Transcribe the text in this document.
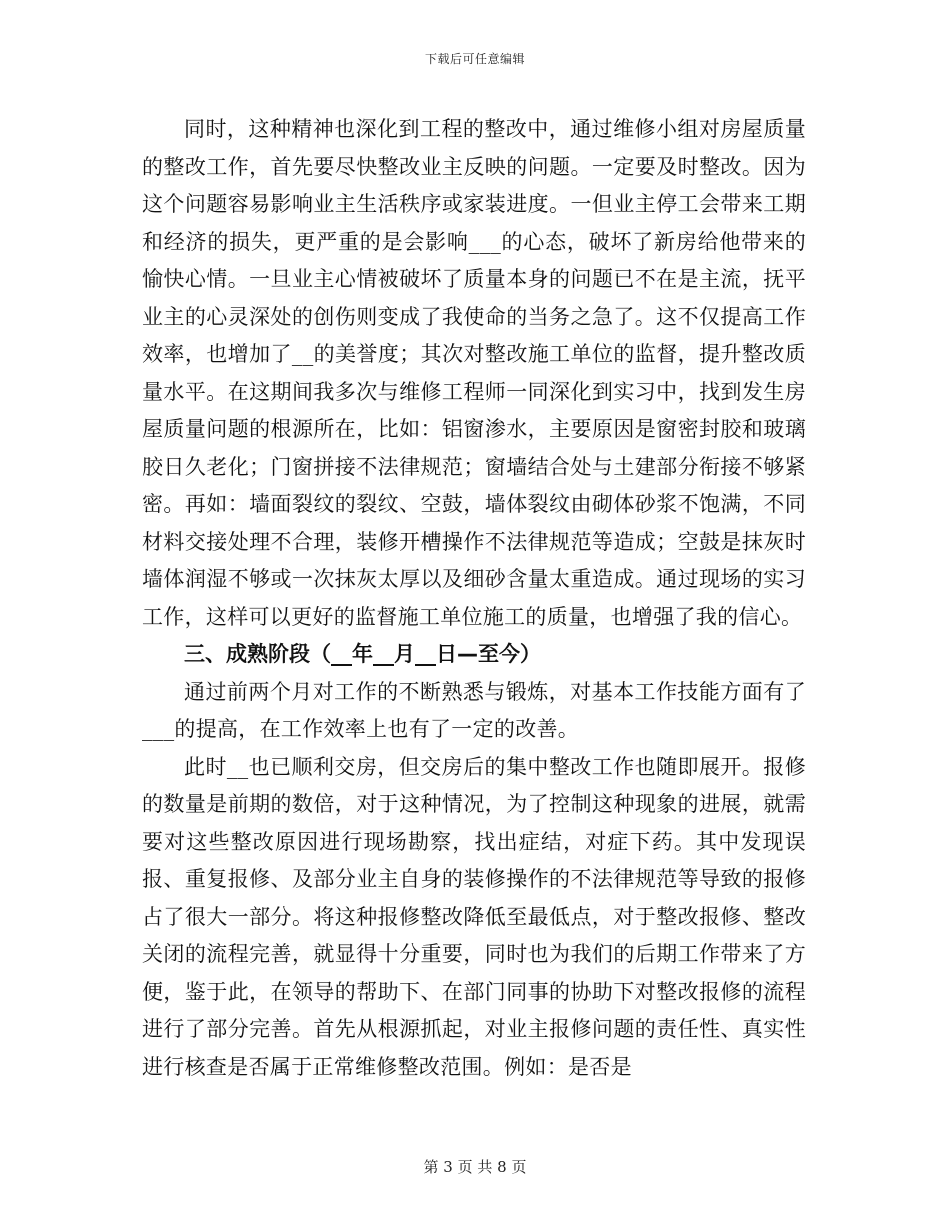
下载后可任意编辑

同时，这种精神也深化到工程的整改中，通过维修小组对房屋质量的整改工作，首先要尽快整改业主反映的问题。一定要及时整改。因为这个问题容易影响业主生活秩序或家装进度。一但业主停工会带来工期和经济的损失，更严重的是会影响___的心态，破坏了新房给他带来的愉快心情。一旦业主心情被破坏了质量本身的问题已不在是主流，抚平业主的心灵深处的创伤则变成了我使命的当务之急了。这不仅提高工作效率，也增加了__的美誉度；其次对整改施工单位的监督，提升整改质量水平。在这期间我多次与维修工程师一同深化到实习中，找到发生房屋质量问题的根源所在，比如：铝窗渗水，主要原因是窗密封胶和玻璃胶日久老化；门窗拼接不法律规范；窗墙结合处与土建部分衔接不够紧密。再如：墙面裂纹的裂纹、空鼓，墙体裂纹由砌体砂浆不饱满，不同材料交接处理不合理，装修开槽操作不法律规范等造成；空鼓是抹灰时墙体润湿不够或一次抹灰太厚以及细砂含量太重造成。通过现场的实习工作，这样可以更好的监督施工单位施工的质量，也增强了我的信心。

三、成熟阶段（__年__月__日—至今）

通过前两个月对工作的不断熟悉与锻炼，对基本工作技能方面有了___的提高，在工作效率上也有了一定的改善。

此时__也已顺利交房，但交房后的集中整改工作也随即展开。报修的数量是前期的数倍，对于这种情况，为了控制这种现象的进展，就需要对这些整改原因进行现场勘察，找出症结，对症下药。其中发现误报、重复报修、及部分业主自身的装修操作的不法律规范等导致的报修占了很大一部分。将这种报修整改降低至最低点，对于整改报修、整改关闭的流程完善，就显得十分重要，同时也为我们的后期工作带来了方便，鉴于此，在领导的帮助下、在部门同事的协助下对整改报修的流程进行了部分完善。首先从根源抓起，对业主报修问题的责任性、真实性进行核查是否属于正常维修整改范围。例如：是否是

第 3 页 共 8 页
